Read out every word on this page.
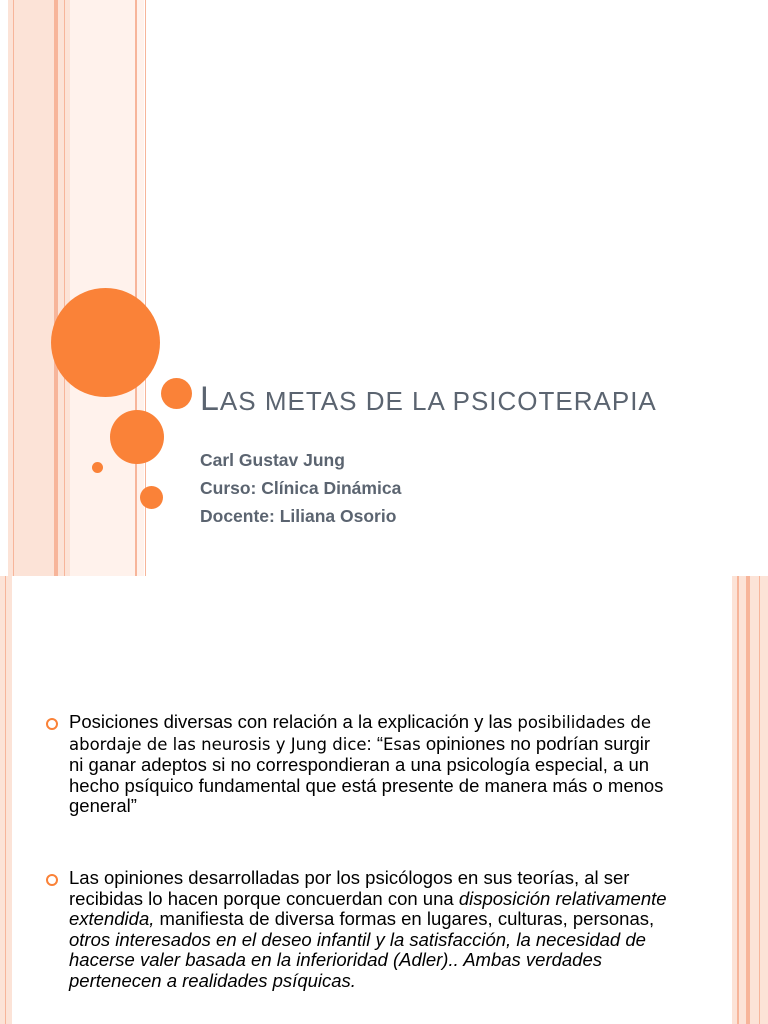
LAS METAS DE LA PSICOTERAPIA
Carl Gustav Jung
Curso: Clínica Dinámica
Docente: Liliana Osorio
Posiciones diversas con relación a la explicación y las posibilidades de abordaje de las neurosis y Jung dice: “Esas opiniones no podrían surgir ni ganar adeptos si no correspondieran a una psicología especial, a un hecho psíquico fundamental que está presente de manera más o menos general”
Las opiniones desarrolladas por los psicólogos en sus teorías, al ser recibidas lo hacen porque concuerdan con una disposición relativamente extendida, manifiesta de diversa formas en lugares, culturas, personas, otros interesados en el deseo infantil y la satisfacción, la necesidad de hacerse valer basada en la inferioridad (Adler).. Ambas verdades pertenecen a realidades psíquicas.
